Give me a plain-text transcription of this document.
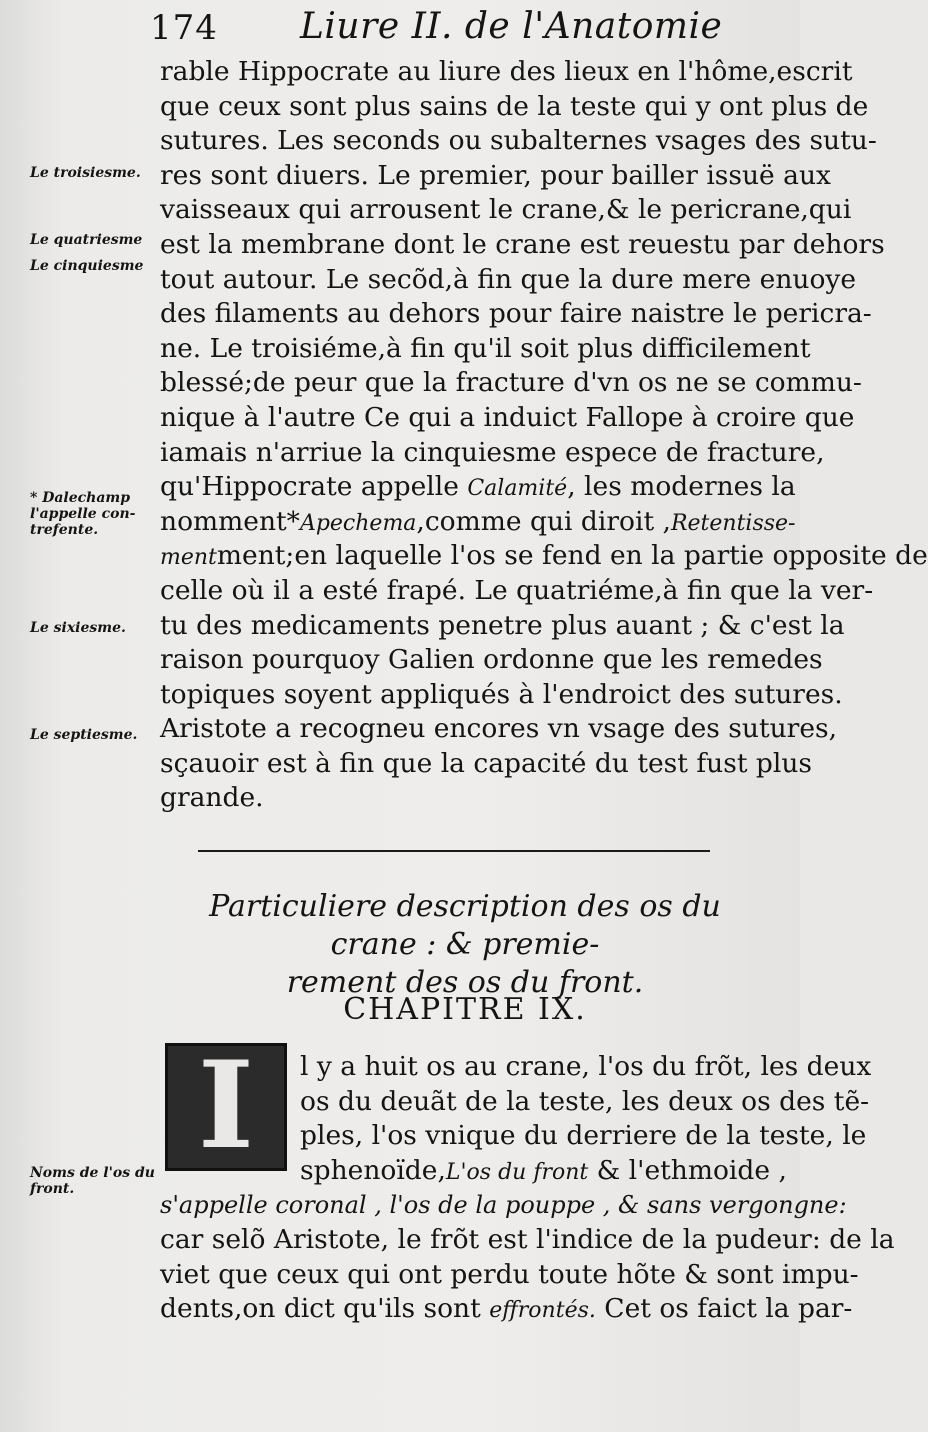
174 Liure II. de l'Anatomie
rable Hippocrate au liure des lieux en l'hôme,escrit
que ceux sont plus sains de la teste qui y ont plus de
sutures. Les seconds ou subalternes vsages des sutu-
res sont diuers. Le premier, pour bailler issuë aux
vaisseaux qui arrousent le crane,& le pericrane,qui
est la membrane dont le crane est reuestu par dehors
tout autour. Le secõd,à fin que la dure mere enuoye
des filaments au dehors pour faire naistre le pericra-
ne. Le troisiéme,à fin qu'il soit plus difficilement
blessé;de peur que la fracture d'vn os ne se commu-
nique à l'autre Ce qui a induict Fallope à croire que
iamais n'arriue la cinquiesme espece de fracture,
qu'Hippocrate appelle Calamité, les modernes la
nomment*Apechema,comme qui diroit ,Retentisse-
mentment;en laquelle l'os se fend en la partie opposite de
celle où il a esté frapé. Le quatriéme,à fin que la ver-
tu des medicaments penetre plus auant ; & c'est la
raison pourquoy Galien ordonne que les remedes
topiques soyent appliqués à l'endroict des sutures.
Aristote a recogneu encores vn vsage des sutures,
sçauoir est à fin que la capacité du test fust plus
grande.
Le troisiesme.
Le quatriesme
Le cinquiesme
* Dalechamp l'appelle con-trefente.
Le sixiesme.
Le septiesme.
Noms de l'os du front.
Particuliere description des os du crane : & premie-
rement des os du front.
CHAPITRE IX.
I	l y a huit os au crane, l'os du frõt, les deux
os du deuãt de la teste, les deux os des tẽ-
ples, l'os vnique du derriere de la teste, le
sphenoïde,L'os du front & l'ethmoide ,
s'appelle coronal , l'os de la pouppe , & sans vergongne:
car selõ Aristote, le frõt est l'indice de la pudeur: de la
viet que ceux qui ont perdu toute hõte & sont impu-
dents,on dict qu'ils sont effrontés. Cet os faict la par-
